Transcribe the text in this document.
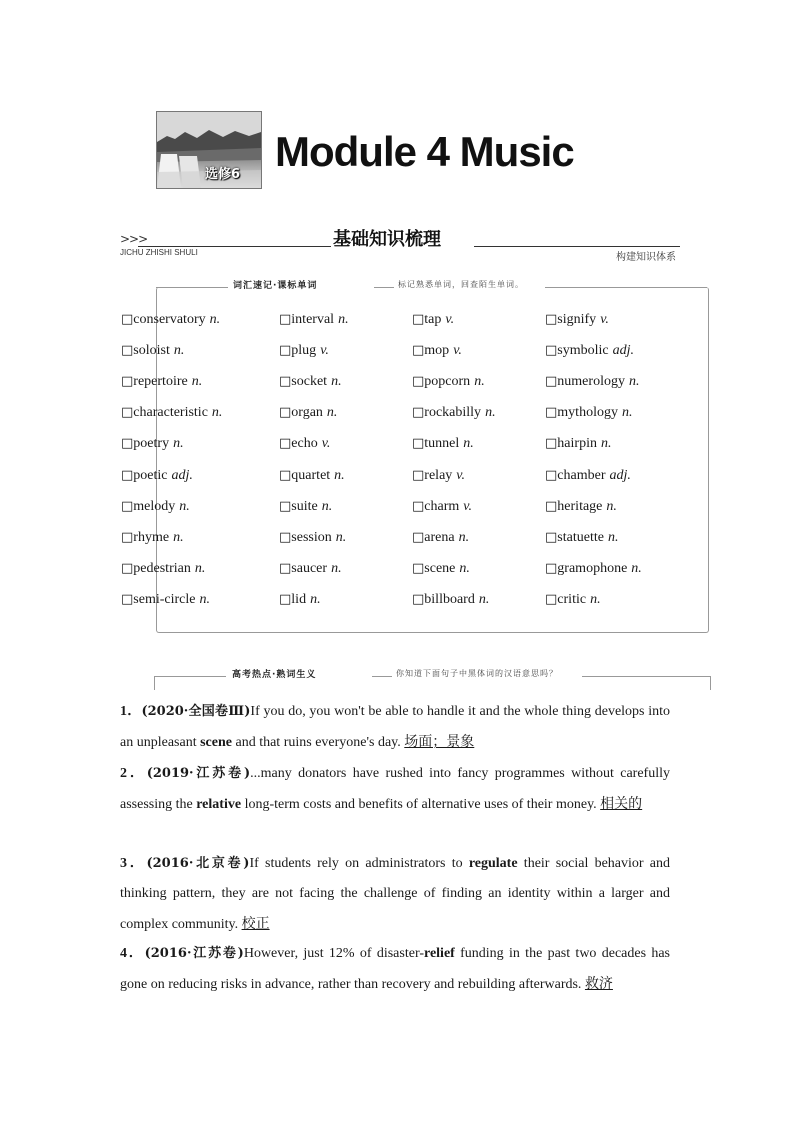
选修6 Module 4 Music
>>>
JICHU ZHISHI SHULI
基础知识梳理
构建知识体系
词汇速记·课标单词	标记熟悉单词，回查陌生单词。
□conservatory n.	□interval n.	□tap v.	□signify v.
□soloist n.	□plug v.	□mop v.	□symbolic adj.
□repertoire n.	□socket n.	□popcorn n.	□numerology n.
□characteristic n.	□organ n.	□rockabilly n.	□mythology n.
□poetry n.	□echo v.	□tunnel n.	□hairpin n.
□poetic adj.	□quartet n.	□relay v.	□chamber adj.
□melody n.	□suite n.	□charm v.	□heritage n.
□rhyme n.	□session n.	□arena n.	□statuette n.
□pedestrian n.	□saucer n.	□scene n.	□gramophone n.
□semi-circle n.	□lid n.	□billboard n.	□critic n.
高考热点·熟词生义	你知道下面句子中黑体词的汉语意思吗？
1．(2020·全国卷Ⅲ)If you do, you won't be able to handle it and the whole thing develops into an unpleasant scene and that ruins everyone's day. 场面；景象
2．(2019·江苏卷)...many donators have rushed into fancy programmes without carefully assessing the relative long-term costs and benefits of alternative uses of their money. 相关的
3．(2016·北京卷)If students rely on administrators to regulate their social behavior and thinking pattern, they are not facing the challenge of finding an identity within a larger and complex community. 校正
4．(2016·江苏卷)However, just 12% of disaster-relief funding in the past two decades has gone on reducing risks in advance, rather than recovery and rebuilding afterwards. 救济
